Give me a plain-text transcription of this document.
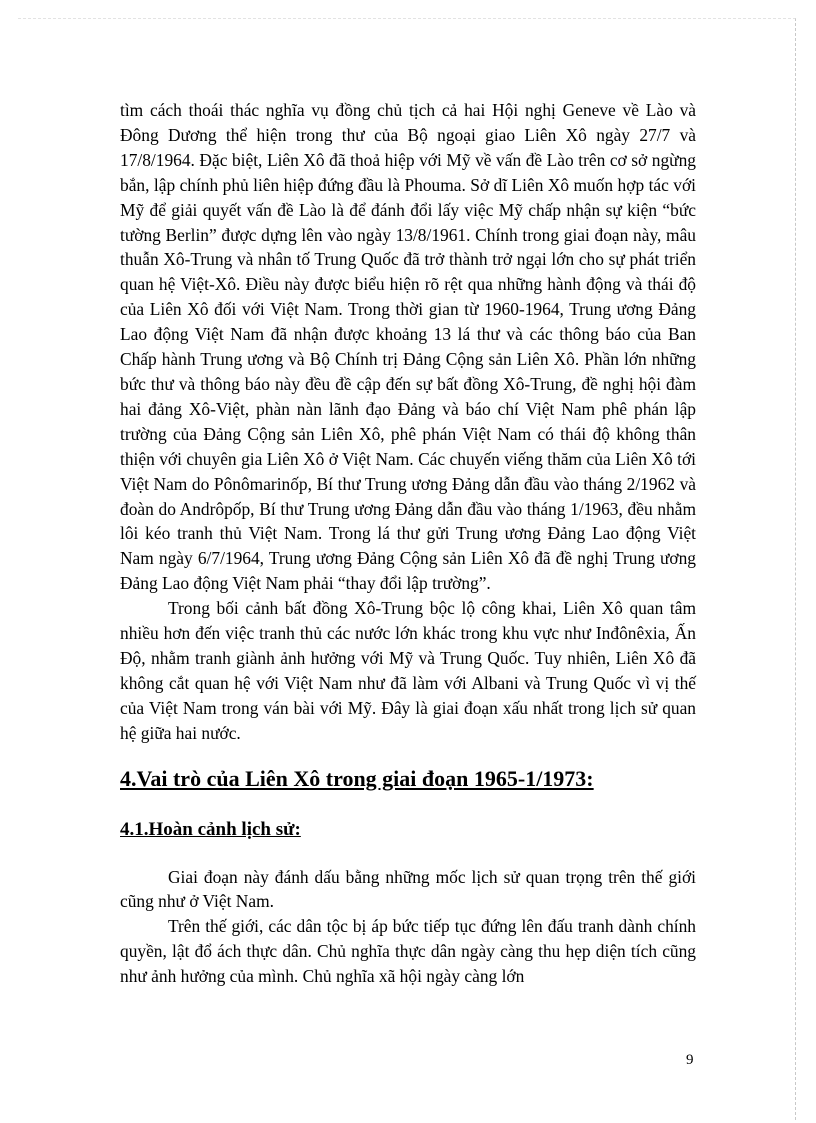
tìm cách thoái thác nghĩa vụ đồng chủ tịch cả hai Hội nghị Geneve về Lào và Đông Dương thể hiện trong thư của Bộ ngoại giao Liên Xô ngày 27/7 và 17/8/1964. Đặc biệt, Liên Xô đã thoả hiệp với Mỹ về vấn đề Lào trên cơ sở ngừng bắn, lập chính phủ liên hiệp đứng đầu là Phouma. Sở dĩ Liên Xô muốn hợp tác với Mỹ để giải quyết vấn đề Lào là để đánh đổi lấy việc Mỹ chấp nhận sự kiện “bức tường Berlin” được dựng lên vào ngày 13/8/1961. Chính trong giai đoạn này, mâu thuẫn Xô-Trung và nhân tố Trung Quốc đã trở thành trở ngại lớn cho sự phát triển quan hệ Việt-Xô. Điều này được biểu hiện rõ rệt qua những hành động và thái độ của Liên Xô đối với Việt Nam. Trong thời gian từ 1960-1964, Trung ương Đảng Lao động Việt Nam đã nhận được khoảng 13 lá thư và các thông báo của Ban Chấp hành Trung ương và Bộ Chính trị Đảng Cộng sản Liên Xô. Phần lớn những bức thư và thông báo này đều đề cập đến sự bất đồng Xô-Trung, đề nghị hội đàm hai đảng Xô-Việt, phàn nàn lãnh đạo Đảng và báo chí Việt Nam phê phán lập trường của Đảng Cộng sản Liên Xô, phê phán Việt Nam có thái độ không thân thiện với chuyên gia Liên Xô ở Việt Nam. Các chuyến viếng thăm của Liên Xô tới Việt Nam do Pônômarinốp, Bí thư Trung ương Đảng dẫn đầu vào tháng 2/1962 và đoàn do Andrôpốp, Bí thư Trung ương Đảng dẫn đầu vào tháng 1/1963, đều nhằm lôi kéo tranh thủ Việt Nam. Trong lá thư gửi Trung ương Đảng Lao động Việt Nam ngày 6/7/1964, Trung ương Đảng Cộng sản Liên Xô đã đề nghị Trung ương Đảng Lao động Việt Nam phải “thay đổi lập trường”.

Trong bối cảnh bất đồng Xô-Trung bộc lộ công khai, Liên Xô quan tâm nhiều hơn đến việc tranh thủ các nước lớn khác trong khu vực như Inđônêxia, Ấn Độ, nhằm tranh giành ảnh hưởng với Mỹ và Trung Quốc. Tuy nhiên, Liên Xô đã không cắt quan hệ với Việt Nam như đã làm với Albani và Trung Quốc vì vị thế của Việt Nam trong ván bài với Mỹ. Đây là giai đoạn xấu nhất trong lịch sử quan hệ giữa hai nước.

4.Vai trò của Liên Xô trong giai đoạn 1965-1/1973:

4.1.Hoàn cảnh lịch sử:

Giai đoạn này đánh dấu bằng những mốc lịch sử quan trọng trên thế giới cũng như ở Việt Nam.

Trên thế giới, các dân tộc bị áp bức tiếp tục đứng lên đấu tranh dành chính quyền, lật đổ ách thực dân. Chủ nghĩa thực dân ngày càng thu hẹp diện tích cũng như ảnh hưởng của mình. Chủ nghĩa xã hội ngày càng lớn

9
